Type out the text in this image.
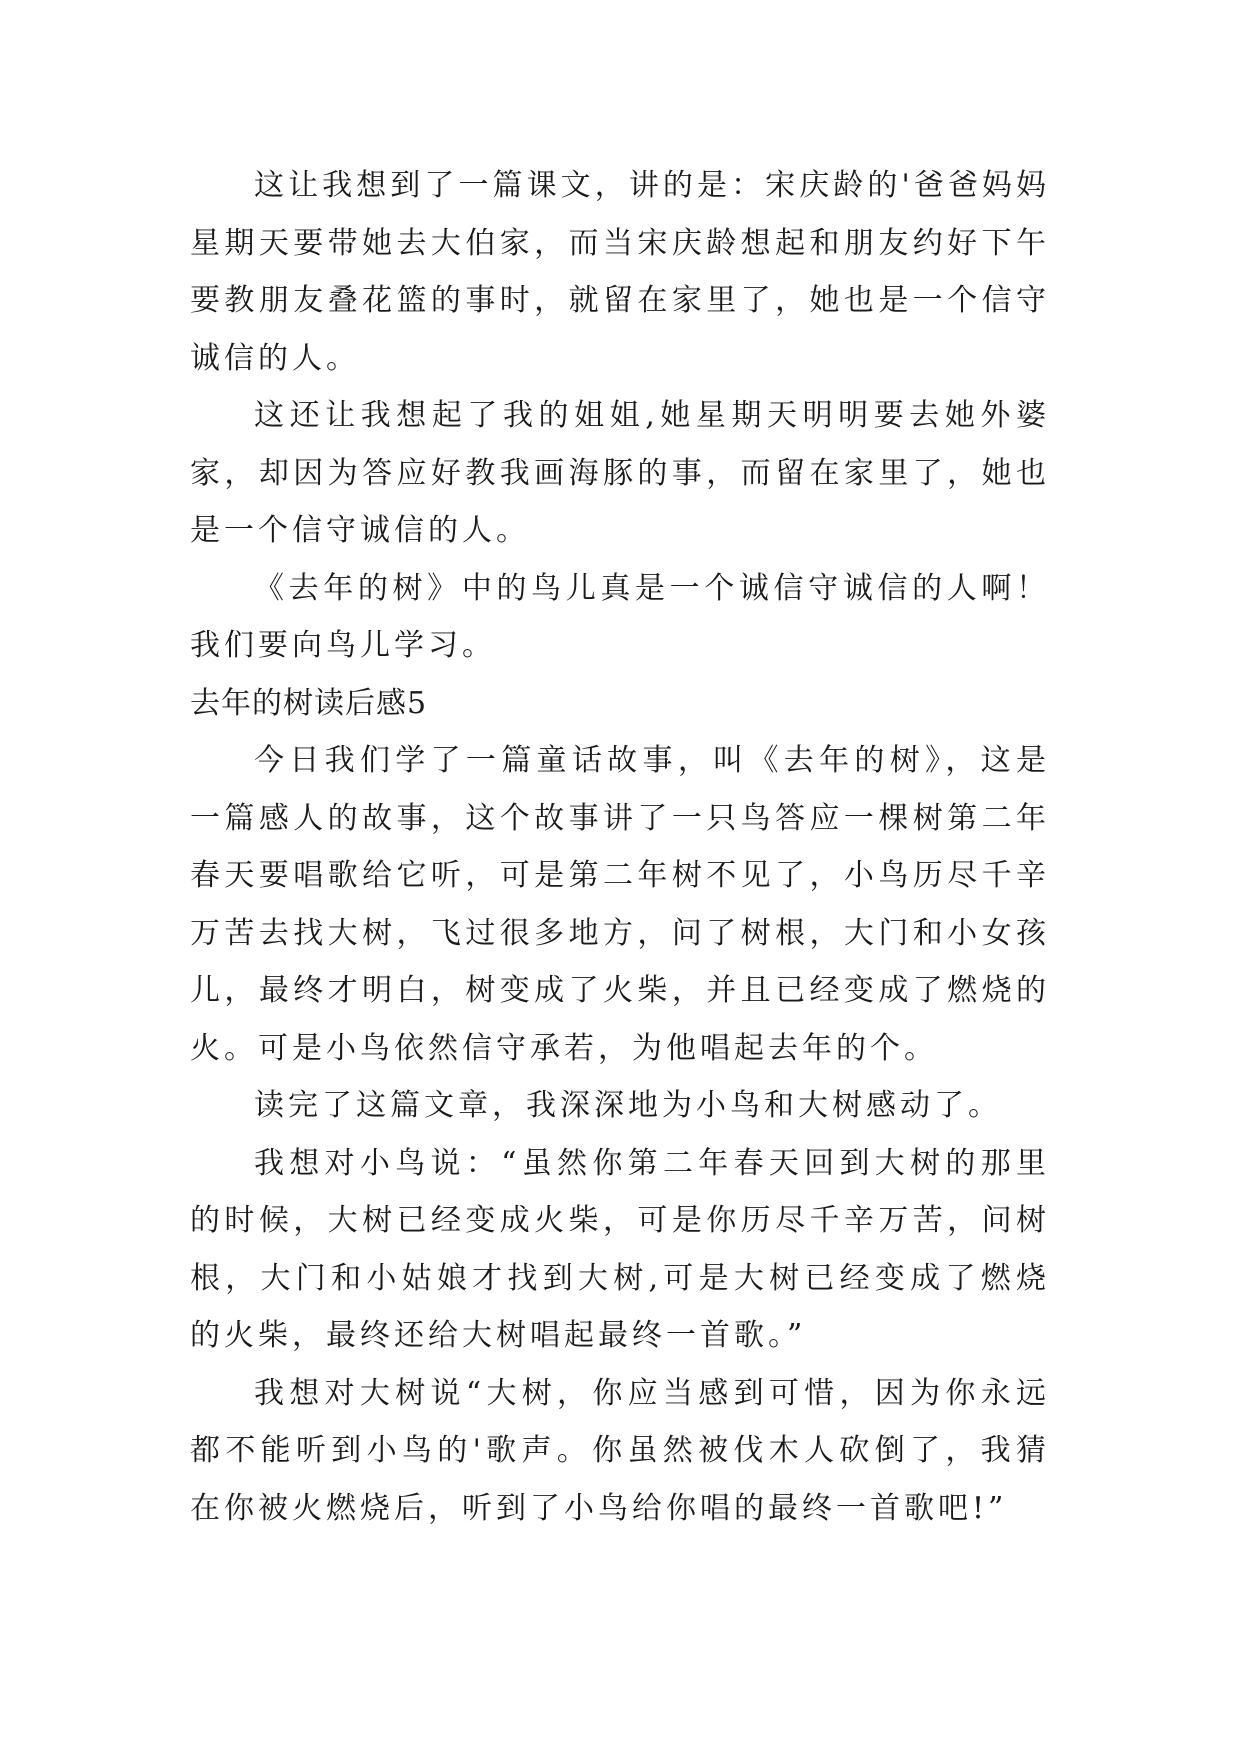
这让我想到了一篇课文，讲的是：宋庆龄的'爸爸妈妈星期天要带她去大伯家，而当宋庆龄想起和朋友约好下午要教朋友叠花篮的事时，就留在家里了，她也是一个信守诚信的人。

这还让我想起了我的姐姐,她星期天明明要去她外婆家，却因为答应好教我画海豚的事，而留在家里了，她也是一个信守诚信的人。

《去年的树》中的鸟儿真是一个诚信守诚信的人啊！我们要向鸟儿学习。

去年的树读后感5

今日我们学了一篇童话故事，叫《去年的树》，这是一篇感人的故事，这个故事讲了一只鸟答应一棵树第二年春天要唱歌给它听，可是第二年树不见了，小鸟历尽千辛万苦去找大树，飞过很多地方，问了树根，大门和小女孩儿，最终才明白，树变成了火柴，并且已经变成了燃烧的火。可是小鸟依然信守承若，为他唱起去年的个。

读完了这篇文章，我深深地为小鸟和大树感动了。

我想对小鸟说：“虽然你第二年春天回到大树的那里的时候，大树已经变成火柴，可是你历尽千辛万苦，问树根，大门和小姑娘才找到大树,可是大树已经变成了燃烧的火柴，最终还给大树唱起最终一首歌。”

我想对大树说“大树，你应当感到可惜，因为你永远都不能听到小鸟的'歌声。你虽然被伐木人砍倒了，我猜在你被火燃烧后，听到了小鸟给你唱的最终一首歌吧!”
